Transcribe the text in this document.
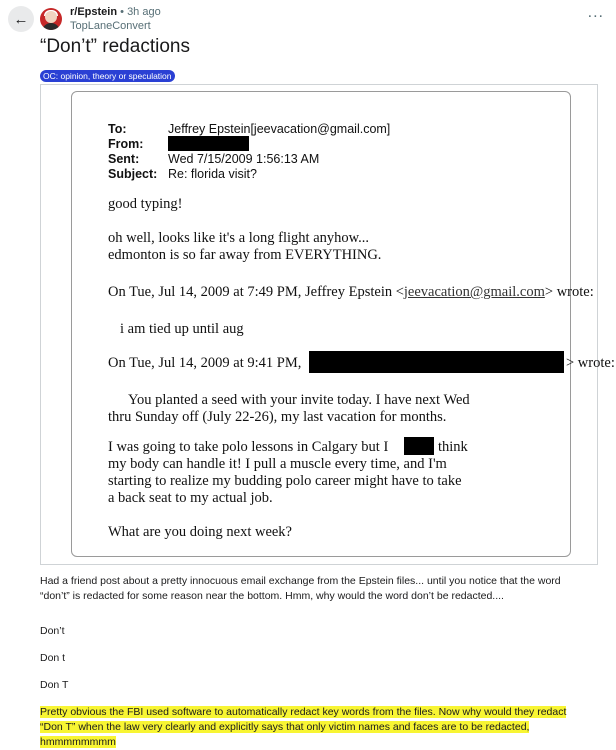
←	r/Epstein • 3h ago
TopLaneConvert
...
“Don’t” redactions
OC: opinion, theory or speculation
To:	Jeffrey Epstein[jeevacation@gmail.com]
From:
Sent: Wed 7/15/2009 1:56:13 AM
Subject: Re: florida visit?
good typing!
oh well, looks like it's a long flight anyhow...
edmonton is so far away from EVERYTHING.
On Tue, Jul 14, 2009 at 7:49 PM, Jeffrey Epstein <jeevacation@gmail.com> wrote:
i am tied up until aug
On Tue, Jul 14, 2009 at 9:41 PM,	> wrote:
You planted a seed with your invite today. I have next Wed
thru Sunday off (July 22-26), my last vacation for months.
I was going to take polo lessons in Calgary but I	think
my body can handle it! I pull a muscle every time, and I'm
starting to realize my budding polo career might have to take
a back seat to my actual job.
What are you doing next week?
Had a friend post about a pretty innocuous email exchange from the Epstein files... until you notice that the word
“don’t” is redacted for some reason near the bottom. Hmm, why would the word don’t be redacted....
Don’t
Don t
Don T
Pretty obvious the FBI used software to automatically redact key words from the files. Now why would they redact
“Don T” when the law very clearly and explicitly says that only victim names and faces are to be redacted,
hmmmmmmmm
